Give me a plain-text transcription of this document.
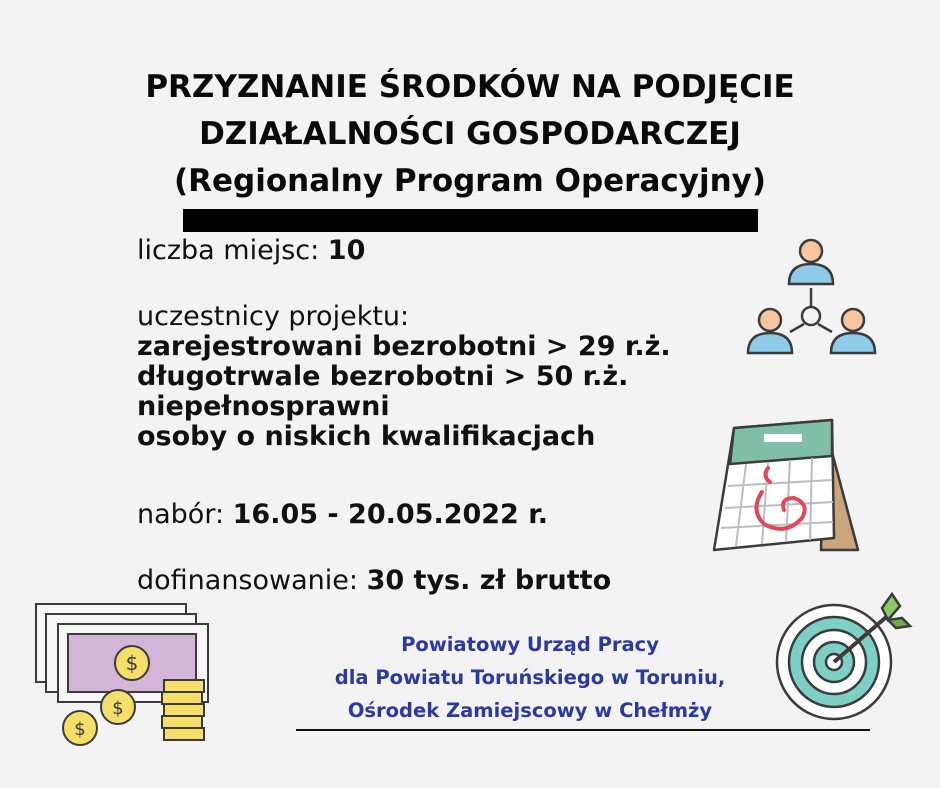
PRZYZNANIE ŚRODKÓW NA PODJĘCIE
DZIAŁALNOŚCI GOSPODARCZEJ
(Regionalny Program Operacyjny)
liczba miejsc: 10
uczestnicy projektu:
zarejestrowani bezrobotni > 29 r.ż.
długotrwale bezrobotni > 50 r.ż.
niepełnosprawni
osoby o niskich kwalifikacjach
nabór: 16.05 - 20.05.2022 r.
dofinansowanie: 30 tys. zł brutto
Powiatowy Urząd Pracy
dla Powiatu Toruńskiego w Toruniu,
Ośrodek Zamiejscowy w Chełmży
$
$
$
